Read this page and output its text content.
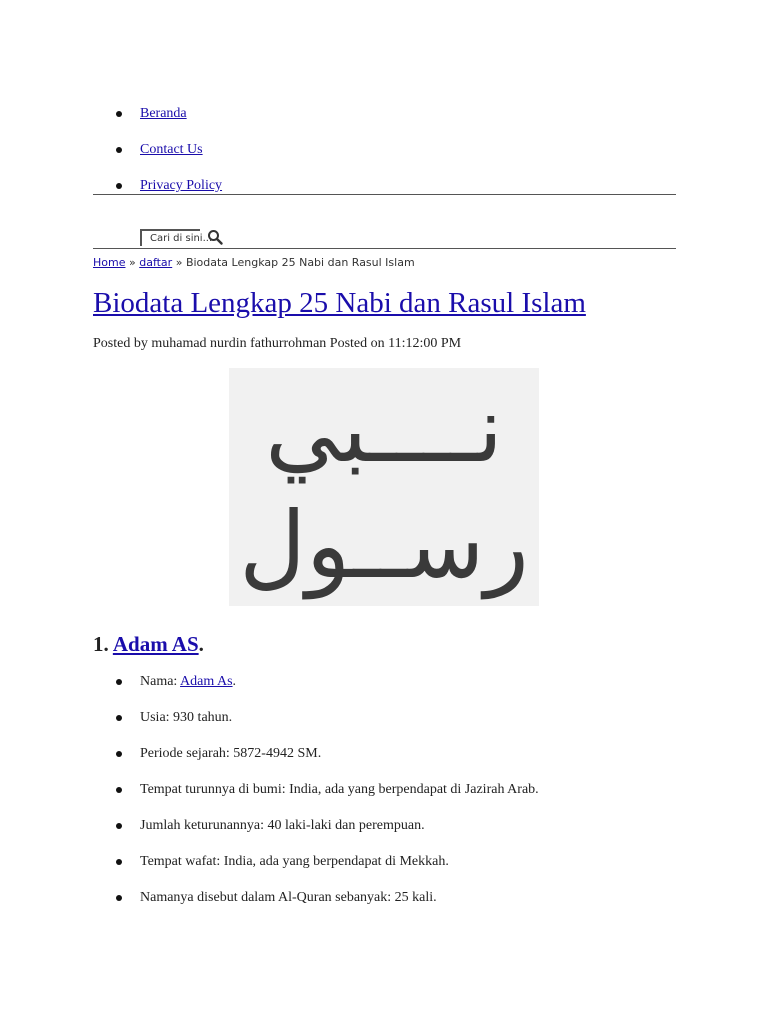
Beranda
Contact Us
Privacy Policy
Cari di sini...
Home » daftar » Biodata Lengkap 25 Nabi dan Rasul Islam
Biodata Lengkap 25 Nabi dan Rasul Islam
Posted by muhamad nurdin fathurrohman Posted on 11:12:00 PM
نــــبي
رســول
1. Adam AS.
Nama: Adam As.
Usia: 930 tahun.
Periode sejarah: 5872-4942 SM.
Tempat turunnya di bumi: India, ada yang berpendapat di Jazirah Arab.
Jumlah keturunannya: 40 laki-laki dan perempuan.
Tempat wafat: India, ada yang berpendapat di Mekkah.
Namanya disebut dalam Al-Quran sebanyak: 25 kali.
